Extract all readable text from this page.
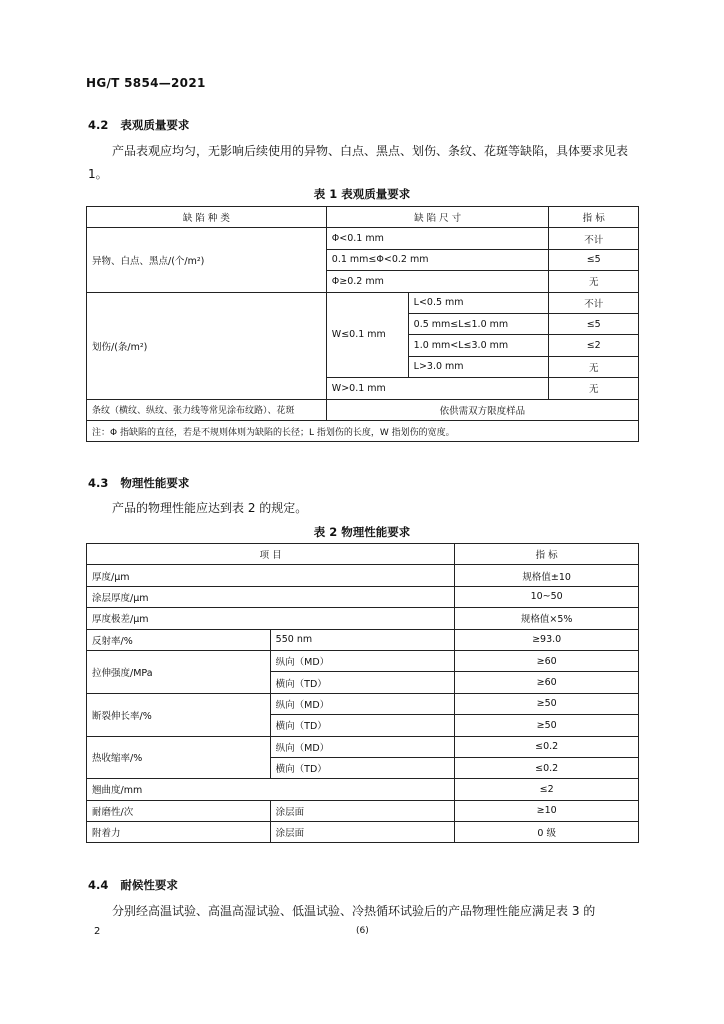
HG/T 5854—2021
4.2 表观质量要求
产品表观应均匀，无影响后续使用的异物、白点、黑点、划伤、条纹、花斑等缺陷，具体要求见表 1。
表 1 表观质量要求
缺 陷 种 类	缺 陷 尺 寸		指 标
异物、白点、黑点/(个/m²)	Φ<0.1 mm		不计
	0.1 mm≤Φ<0.2 mm		≤5
	Φ≥0.2 mm		无
划伤/(条/m²)	W≤0.1 mm	L<0.5 mm	不计
		0.5 mm≤L≤1.0 mm	≤5
		1.0 mm<L≤3.0 mm	≤2
		L>3.0 mm	无
	W>0.1 mm		无
条纹（横纹、纵纹、张力线等常见涂布纹路）、花斑	依供需双方限度样品		
注：Φ 指缺陷的直径，若是不规则体则为缺陷的长径；L 指划伤的长度，W 指划伤的宽度。			
4.3 物理性能要求
产品的物理性能应达到表 2 的规定。
表 2 物理性能要求
项 目		指 标
厚度/μm		规格值±10
涂层厚度/μm		10~50
厚度极差/μm		规格值×5%
反射率/%	550 nm	≥93.0
拉伸强度/MPa	纵向（MD）	≥60
	横向（TD）	≥60
断裂伸长率/%	纵向（MD）	≥50
	横向（TD）	≥50
热收缩率/%	纵向（MD）	≤0.2
	横向（TD）	≤0.2
翘曲度/mm		≤2
耐磨性/次	涂层面	≥10
附着力	涂层面	0 级
4.4 耐候性要求
分别经高温试验、高温高湿试验、低温试验、冷热循环试验后的产品物理性能应满足表 3 的
2	(6)
